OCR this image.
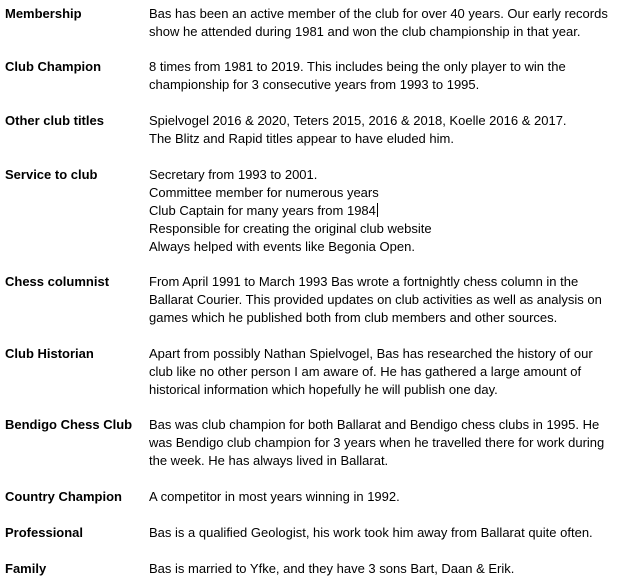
Membership	Bas has been an active member of the club for over 40 years. Our early records
show he attended during 1981 and won the club championship in that year.
Club Champion	8 times from 1981 to 2019. This includes being the only player to win the
championship for 3 consecutive years from 1993 to 1995.
Other club titles	Spielvogel 2016 & 2020, Teters 2015, 2016 & 2018, Koelle 2016 & 2017.
The Blitz and Rapid titles appear to have eluded him.
Service to club	Secretary from 1993 to 2001.
Committee member for numerous years
Club Captain for many years from 1984
Responsible for creating the original club website
Always helped with events like Begonia Open.
Chess columnist	From April 1991 to March 1993 Bas wrote a fortnightly chess column in the
Ballarat Courier. This provided updates on club activities as well as analysis on
games which he published both from club members and other sources.
Club Historian	Apart from possibly Nathan Spielvogel, Bas has researched the history of our
club like no other person I am aware of. He has gathered a large amount of
historical information which hopefully he will publish one day.
Bendigo Chess Club	Bas was club champion for both Ballarat and Bendigo chess clubs in 1995. He
was Bendigo club champion for 3 years when he travelled there for work during
the week. He has always lived in Ballarat.
Country Champion	A competitor in most years winning in 1992.
Professional	Bas is a qualified Geologist, his work took him away from Ballarat quite often.
Family	Bas is married to Yfke, and they have 3 sons Bart, Daan & Erik.
